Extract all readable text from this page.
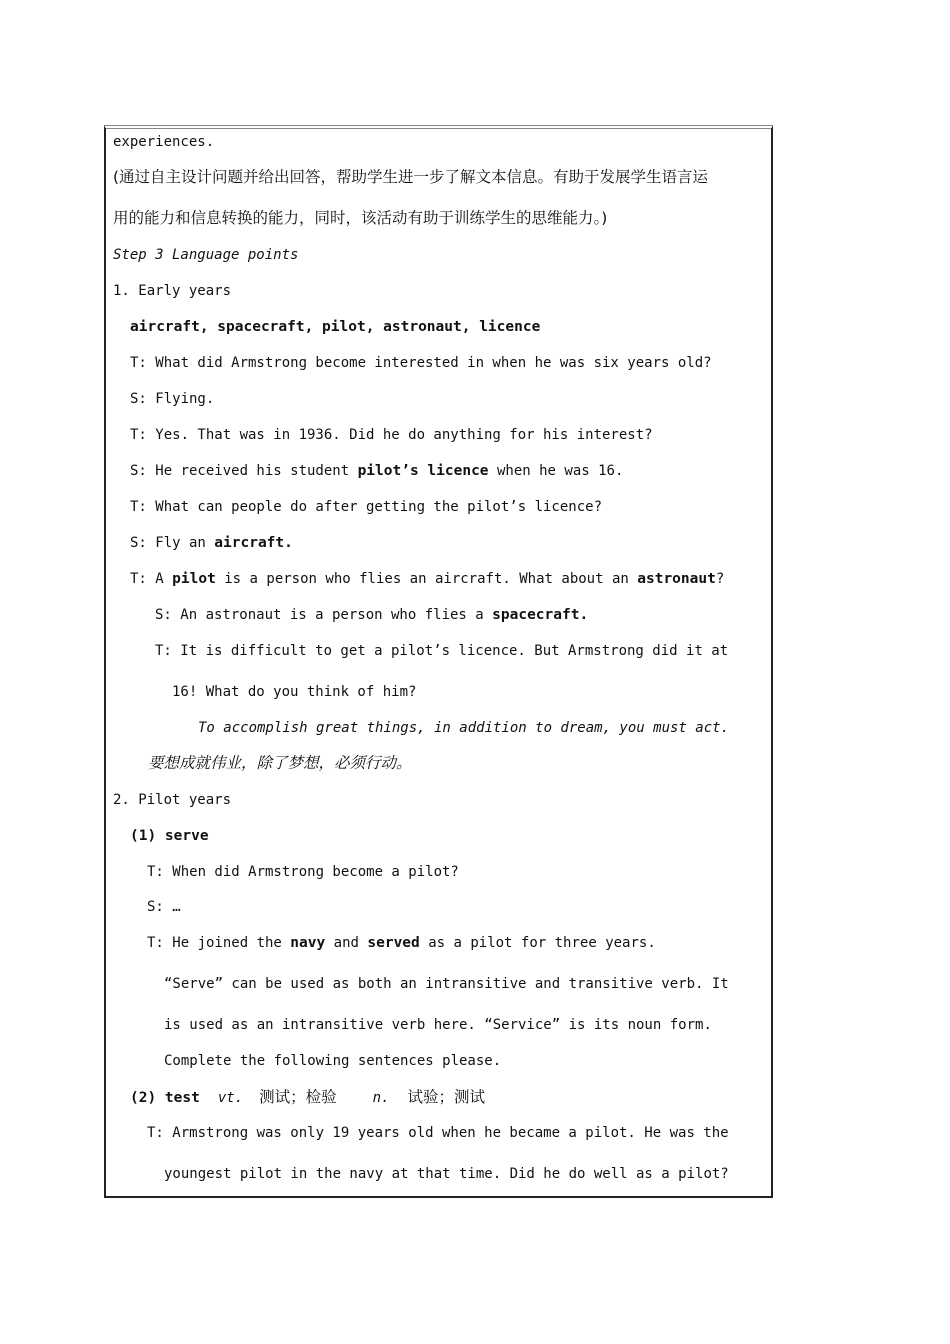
experiences.
(通过自主设计问题并给出回答，帮助学生进一步了解文本信息。有助于发展学生语言运
用的能力和信息转换的能力，同时，该活动有助于训练学生的思维能力。)
Step 3 Language points
1. Early years
aircraft, spacecraft, pilot, astronaut, licence
T: What did Armstrong become interested in when he was six years old?
S: Flying.
T: Yes. That was in 1936. Did he do anything for his interest?
S: He received his student pilot’s licence when he was 16.
T: What can people do after getting the pilot’s licence?
S: Fly an aircraft.
T: A pilot is a person who flies an aircraft. What about an astronaut?
S: An astronaut is a person who flies a spacecraft.
T: It is difficult to get a pilot’s licence. But Armstrong did it at
16! What do you think of him?
To accomplish great things, in addition to dream, you must act.
要想成就伟业，除了梦想，必须行动。
2. Pilot years
(1) serve
T: When did Armstrong become a pilot?
S: …
T: He joined the navy and served as a pilot for three years.
“Serve” can be used as both an intransitive and transitive verb. It
is used as an intransitive verb here. “Service” is its noun form.
Complete the following sentences please.
(2) test vt. 测试；检验	n. 试验；测试
T: Armstrong was only 19 years old when he became a pilot. He was the
youngest pilot in the navy at that time. Did he do well as a pilot?
